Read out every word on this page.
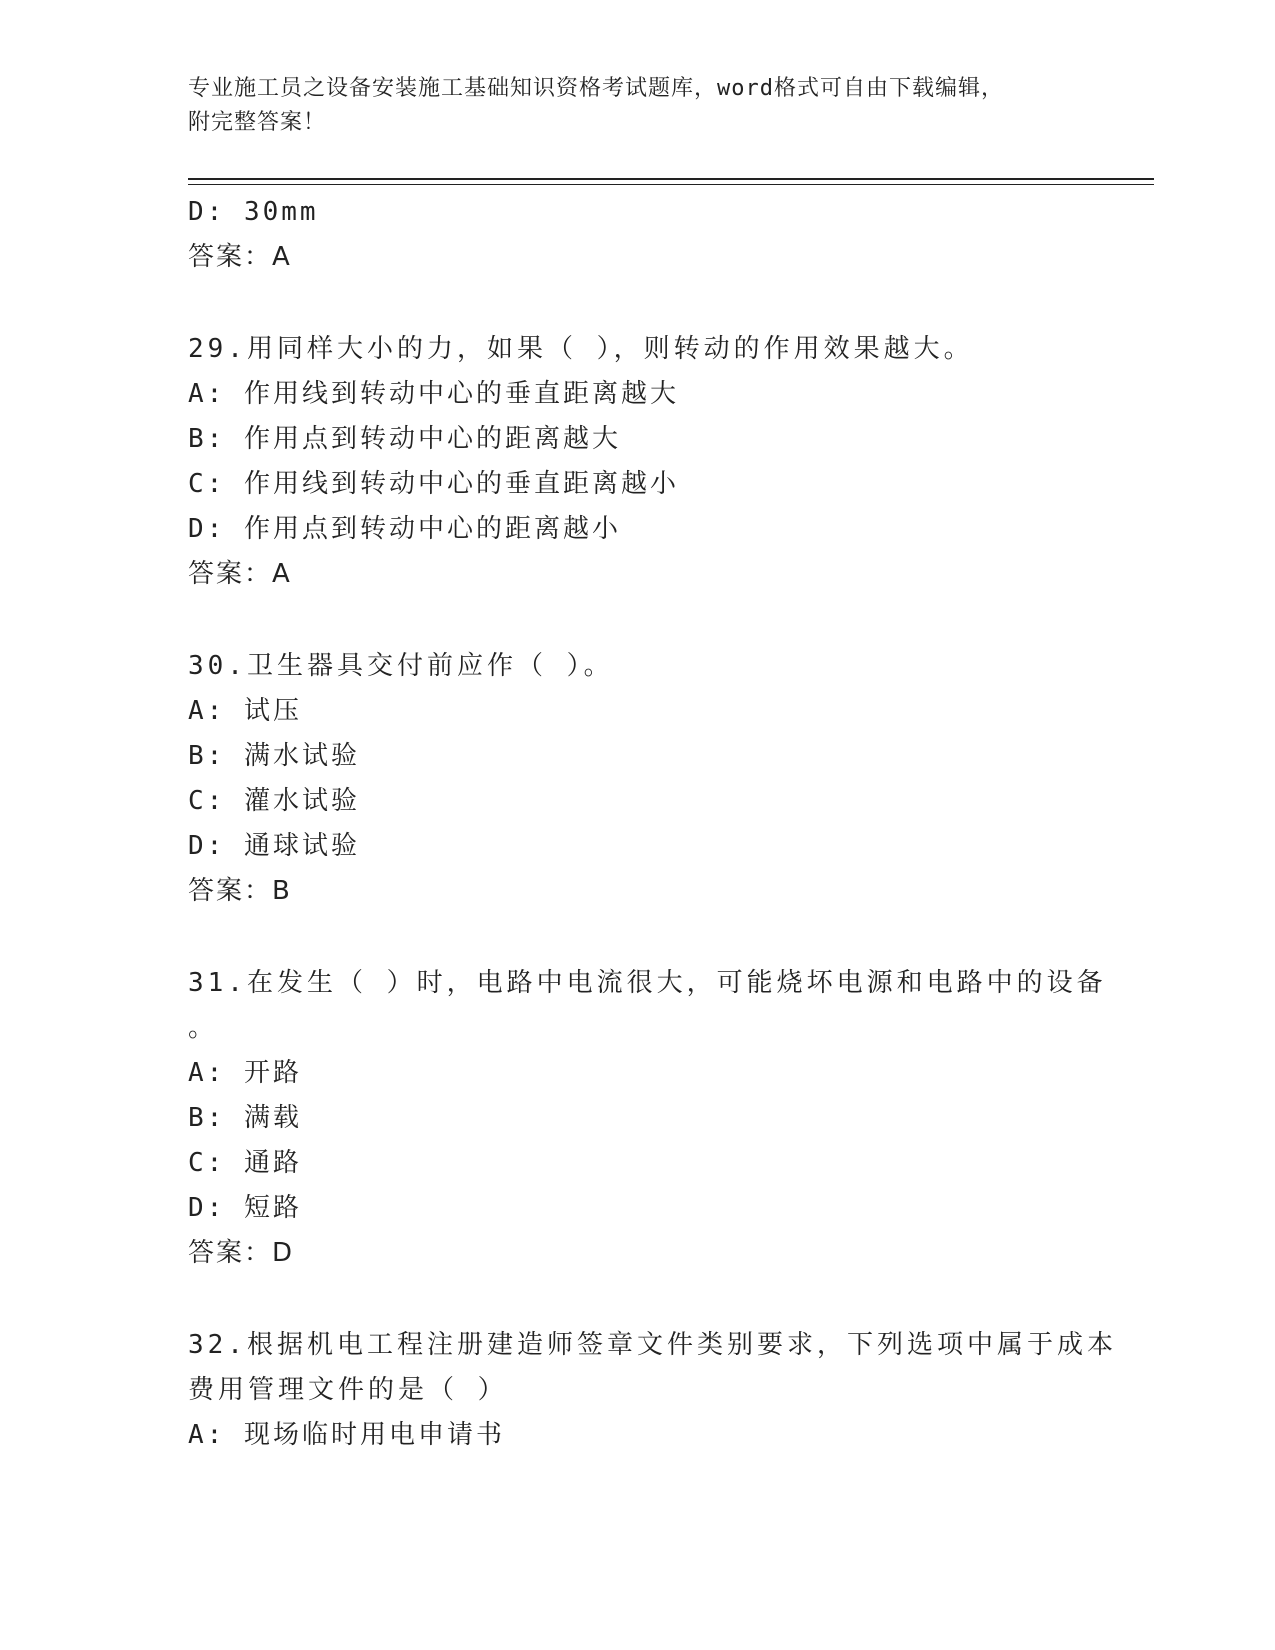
专业施工员之设备安装施工基础知识资格考试题库，word格式可自由下载编辑，
附完整答案！
D: 30mm
答案：A
29.用同样大小的力，如果（ ），则转动的作用效果越大。
A: 作用线到转动中心的垂直距离越大
B: 作用点到转动中心的距离越大
C: 作用线到转动中心的垂直距离越小
D: 作用点到转动中心的距离越小
答案：A
30.卫生器具交付前应作（ ）。
A: 试压
B: 满水试验
C: 灌水试验
D: 通球试验
答案：B
31.在发生（ ）时，电路中电流很大，可能烧坏电源和电路中的设备
。
A: 开路
B: 满载
C: 通路
D: 短路
答案：D
32.根据机电工程注册建造师签章文件类别要求，下列选项中属于成本
费用管理文件的是（ ）
A: 现场临时用电申请书
